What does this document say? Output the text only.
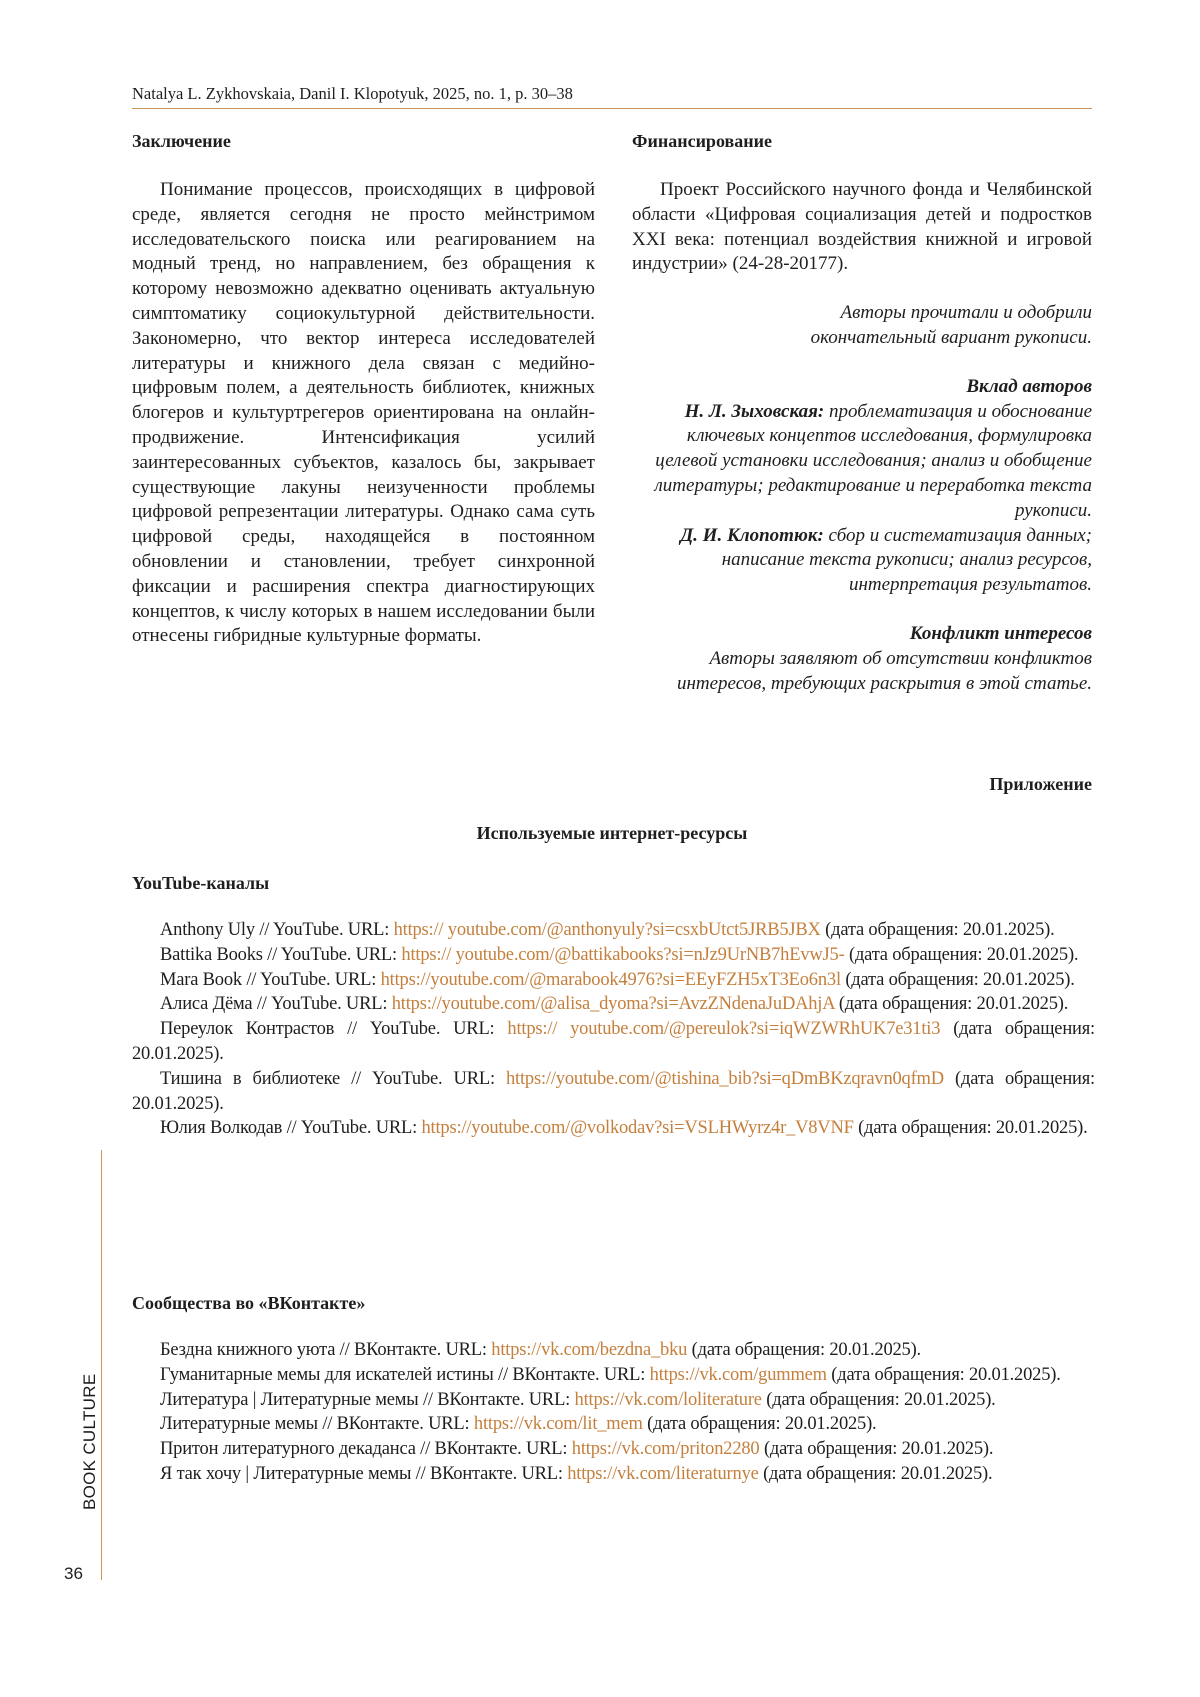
Natalya L. Zykhovskaia, Danil I. Klopotyuk, 2025, no. 1, p. 30–38
Заключение

Понимание процессов, происходящих в цифровой среде, является сегодня не просто мейнстримом исследовательского поиска или реагированием на модный тренд, но направлением, без обращения к которому невозможно адекватно оценивать актуальную симптоматику социокультурной действительности. Закономерно, что вектор интереса исследователей литературы и книжного дела связан с медийно-цифровым полем, а деятельность библиотек, книжных блогеров и культуртрегеров ориентирована на онлайн-продвижение. Интенсификация усилий заинтересованных субъектов, казалось бы, закрывает существующие лакуны неизученности проблемы цифровой репрезентации литературы. Однако сама суть цифровой среды, находящейся в постоянном обновлении и становлении, требует синхронной фиксации и расширения спектра диагностирующих концептов, к числу которых в нашем исследовании были отнесены гибридные культурные форматы.

Финансирование

Проект Российского научного фонда и Челябинской области «Цифровая социализация детей и подростков XXI века: потенциал воздействия книжной и игровой индустрии» (24-28-20177).

Авторы прочитали и одобрили
окончательный вариант рукописи.
Вклад авторов
Н. Л. Зыховская: проблематизация и обоснование ключевых концептов исследования, формулировка целевой установки исследования; анализ и обобщение литературы; редактирование и переработка текста рукописи.
Д. И. Клопотюк: сбор и систематизация данных; написание текста рукописи; анализ ресурсов, интерпретация результатов.
Конфликт интересов
Авторы заявляют об отсутствии конфликтов интересов, требующих раскрытия в этой статье.
Приложение
Используемые интернет-ресурсы
YouTube-каналы

Anthony Uly // YouTube. URL: https:// youtube.com/@anthonyuly?si=csxbUtct5JRB5JBX (дата обращения: 20.01.2025).

Battika Books // YouTube. URL: https:// youtube.com/@battikabooks?si=nJz9UrNB7hEvwJ5- (дата обращения: 20.01.2025).

Mara Book // YouTube. URL: https://youtube.com/@marabook4976?si=EEyFZH5xT3Eo6n3l (дата обращения: 20.01.2025).

Алиса Дёма // YouTube. URL: https://youtube.com/@alisa_dyoma?si=AvzZNdenaJuDAhjA (дата обращения: 20.01.2025).

Переулок Контрастов // YouTube. URL: https:// youtube.com/@pereulok?si=iqWZWRhUK7e31ti3 (дата обращения: 20.01.2025).

Тишина в библиотеке // YouTube. URL: https://youtube.com/@tishina_bib?si=qDmBKzqravn0qfmD (дата обращения: 20.01.2025).

Юлия Волкодав // YouTube. URL: https://youtube.com/@volkodav?si=VSLHWyrz4r_V8VNF (дата обращения: 20.01.2025).

Сообщества во «ВКонтакте»

Бездна книжного уюта // ВКонтакте. URL: https://vk.com/bezdna_bku (дата обращения: 20.01.2025).

Гуманитарные мемы для искателей истины // ВКонтакте. URL: https://vk.com/gummem (дата обращения: 20.01.2025).

Литература | Литературные мемы // ВКонтакте. URL: https://vk.com/loliterature (дата обращения: 20.01.2025).

Литературные мемы // ВКонтакте. URL: https://vk.com/lit_mem (дата обращения: 20.01.2025).

Притон литературного декаданса // ВКонтакте. URL: https://vk.com/priton2280 (дата обращения: 20.01.2025).

Я так хочу | Литературные мемы // ВКонтакте. URL: https://vk.com/literaturnye (дата обращения: 20.01.2025).

BOOK CULTURE
36
